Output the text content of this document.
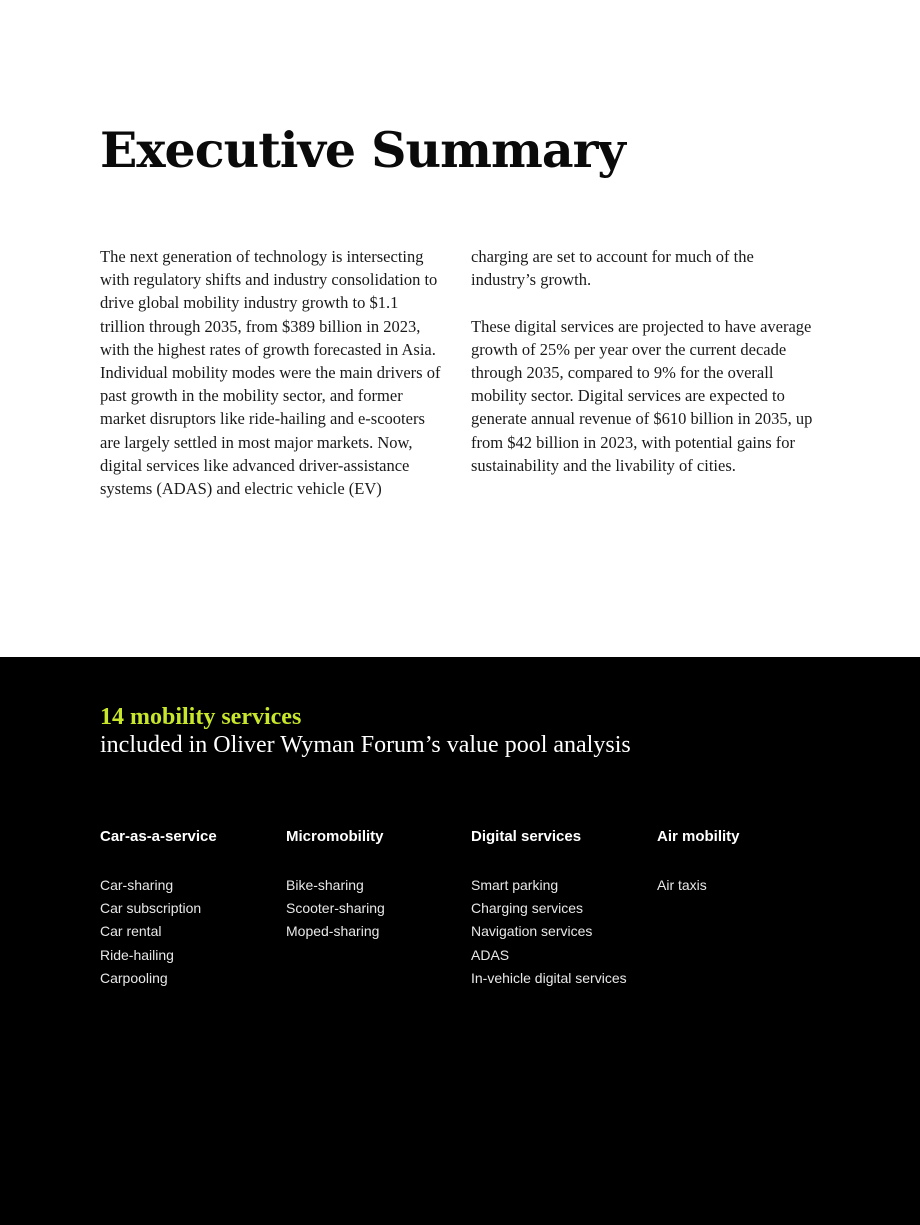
Executive Summary

The next generation of technology is intersecting with regulatory shifts and industry consolidation to drive global mobility industry growth to $1.1 trillion through 2035, from $389 billion in 2023, with the highest rates of growth forecasted in Asia. Individual mobility modes were the main drivers of past growth in the mobility sector, and former market disruptors like ride-hailing and e-scooters are largely settled in most major markets. Now, digital services like advanced driver-assistance systems (ADAS) and electric vehicle (EV)

charging are set to account for much of the industry’s growth.

These digital services are projected to have average growth of 25% per year over the current decade through 2035, compared to 9% for the overall mobility sector. Digital services are expected to generate annual revenue of $610 billion in 2035, up from $42 billion in 2023, with potential gains for sustainability and the livability of cities.

14 mobility services
included in Oliver Wyman Forum’s value pool analysis
Car-as-a-service
Car-sharing
Car subscription
Car rental
Ride-hailing
Carpooling
Micromobility
Bike-sharing
Scooter-sharing
Moped-sharing
Digital services
Smart parking
Charging services
Navigation services
ADAS
In-vehicle digital services
Air mobility
Air taxis
